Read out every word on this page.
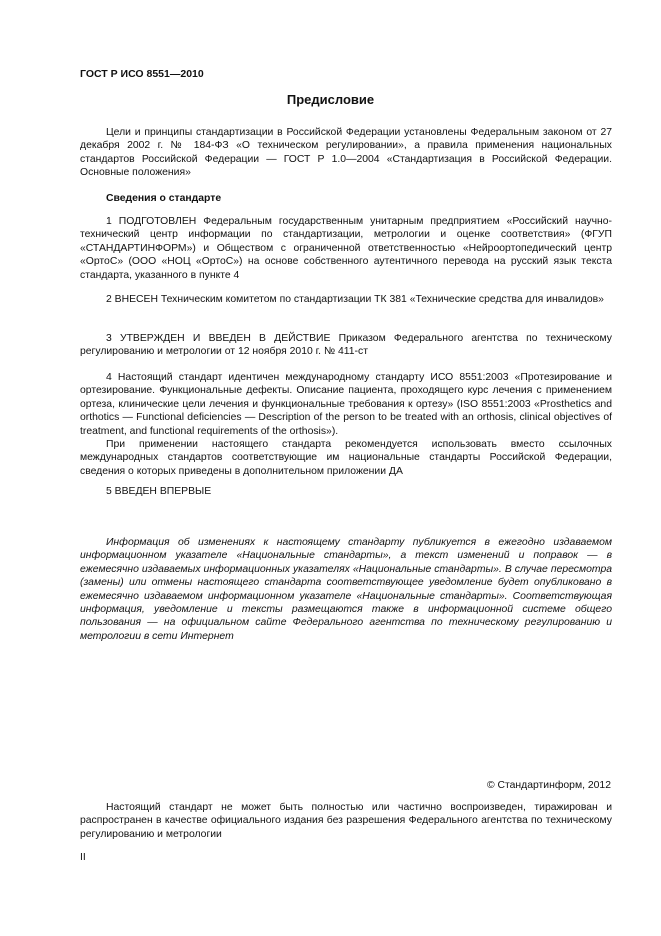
ГОСТ Р ИСО 8551—2010
Предисловие

Цели и принципы стандартизации в Российской Федерации установлены Федеральным законом от 27 декабря 2002 г. № 184-ФЗ «О техническом регулировании», а правила применения национальных стандартов Российской Федерации — ГОСТ Р 1.0—2004 «Стандартизация в Российской Федерации. Основные положения»

Сведения о стандарте

1 ПОДГОТОВЛЕН Федеральным государственным унитарным предприятием «Российский научно-технический центр информации по стандартизации, метрологии и оценке соответствия» (ФГУП «СТАНДАРТИНФОРМ») и Обществом с ограниченной ответственностью «Нейроортопедический центр «ОртоС» (ООО «НОЦ «ОртоС») на основе собственного аутентичного перевода на русский язык текста стандарта, указанного в пункте 4

2 ВНЕСЕН Техническим комитетом по стандартизации ТК 381 «Технические средства для инвалидов»

3 УТВЕРЖДЕН И ВВЕДЕН В ДЕЙСТВИЕ Приказом Федерального агентства по техническому регулированию и метрологии от 12 ноября 2010 г. № 411-ст

4 Настоящий стандарт идентичен международному стандарту ИСО 8551:2003 «Протезирование и ортезирование. Функциональные дефекты. Описание пациента, проходящего курс лечения с применением ортеза, клинические цели лечения и функциональные требования к ортезу» (ISO 8551:2003 «Prosthetics and orthotics — Functional deficiencies — Description of the person to be treated with an orthosis, clinical objectives of treatment, and functional requirements of the orthosis»).

При применении настоящего стандарта рекомендуется использовать вместо ссылочных международных стандартов соответствующие им национальные стандарты Российской Федерации, сведения о которых приведены в дополнительном приложении ДА

5 ВВЕДЕН ВПЕРВЫЕ

Информация об изменениях к настоящему стандарту публикуется в ежегодно издаваемом информационном указателе «Национальные стандарты», а текст изменений и поправок — в ежемесячно издаваемых информационных указателях «Национальные стандарты». В случае пересмотра (замены) или отмены настоящего стандарта соответствующее уведомление будет опубликовано в ежемесячно издаваемом информационном указателе «Национальные стандарты». Соответствующая информация, уведомление и тексты размещаются также в информационной системе общего пользования — на официальном сайте Федерального агентства по техническому регулированию и метрологии в сети Интернет

© Стандартинформ, 2012

Настоящий стандарт не может быть полностью или частично воспроизведен, тиражирован и распространен в качестве официального издания без разрешения Федерального агентства по техническому регулированию и метрологии

II
